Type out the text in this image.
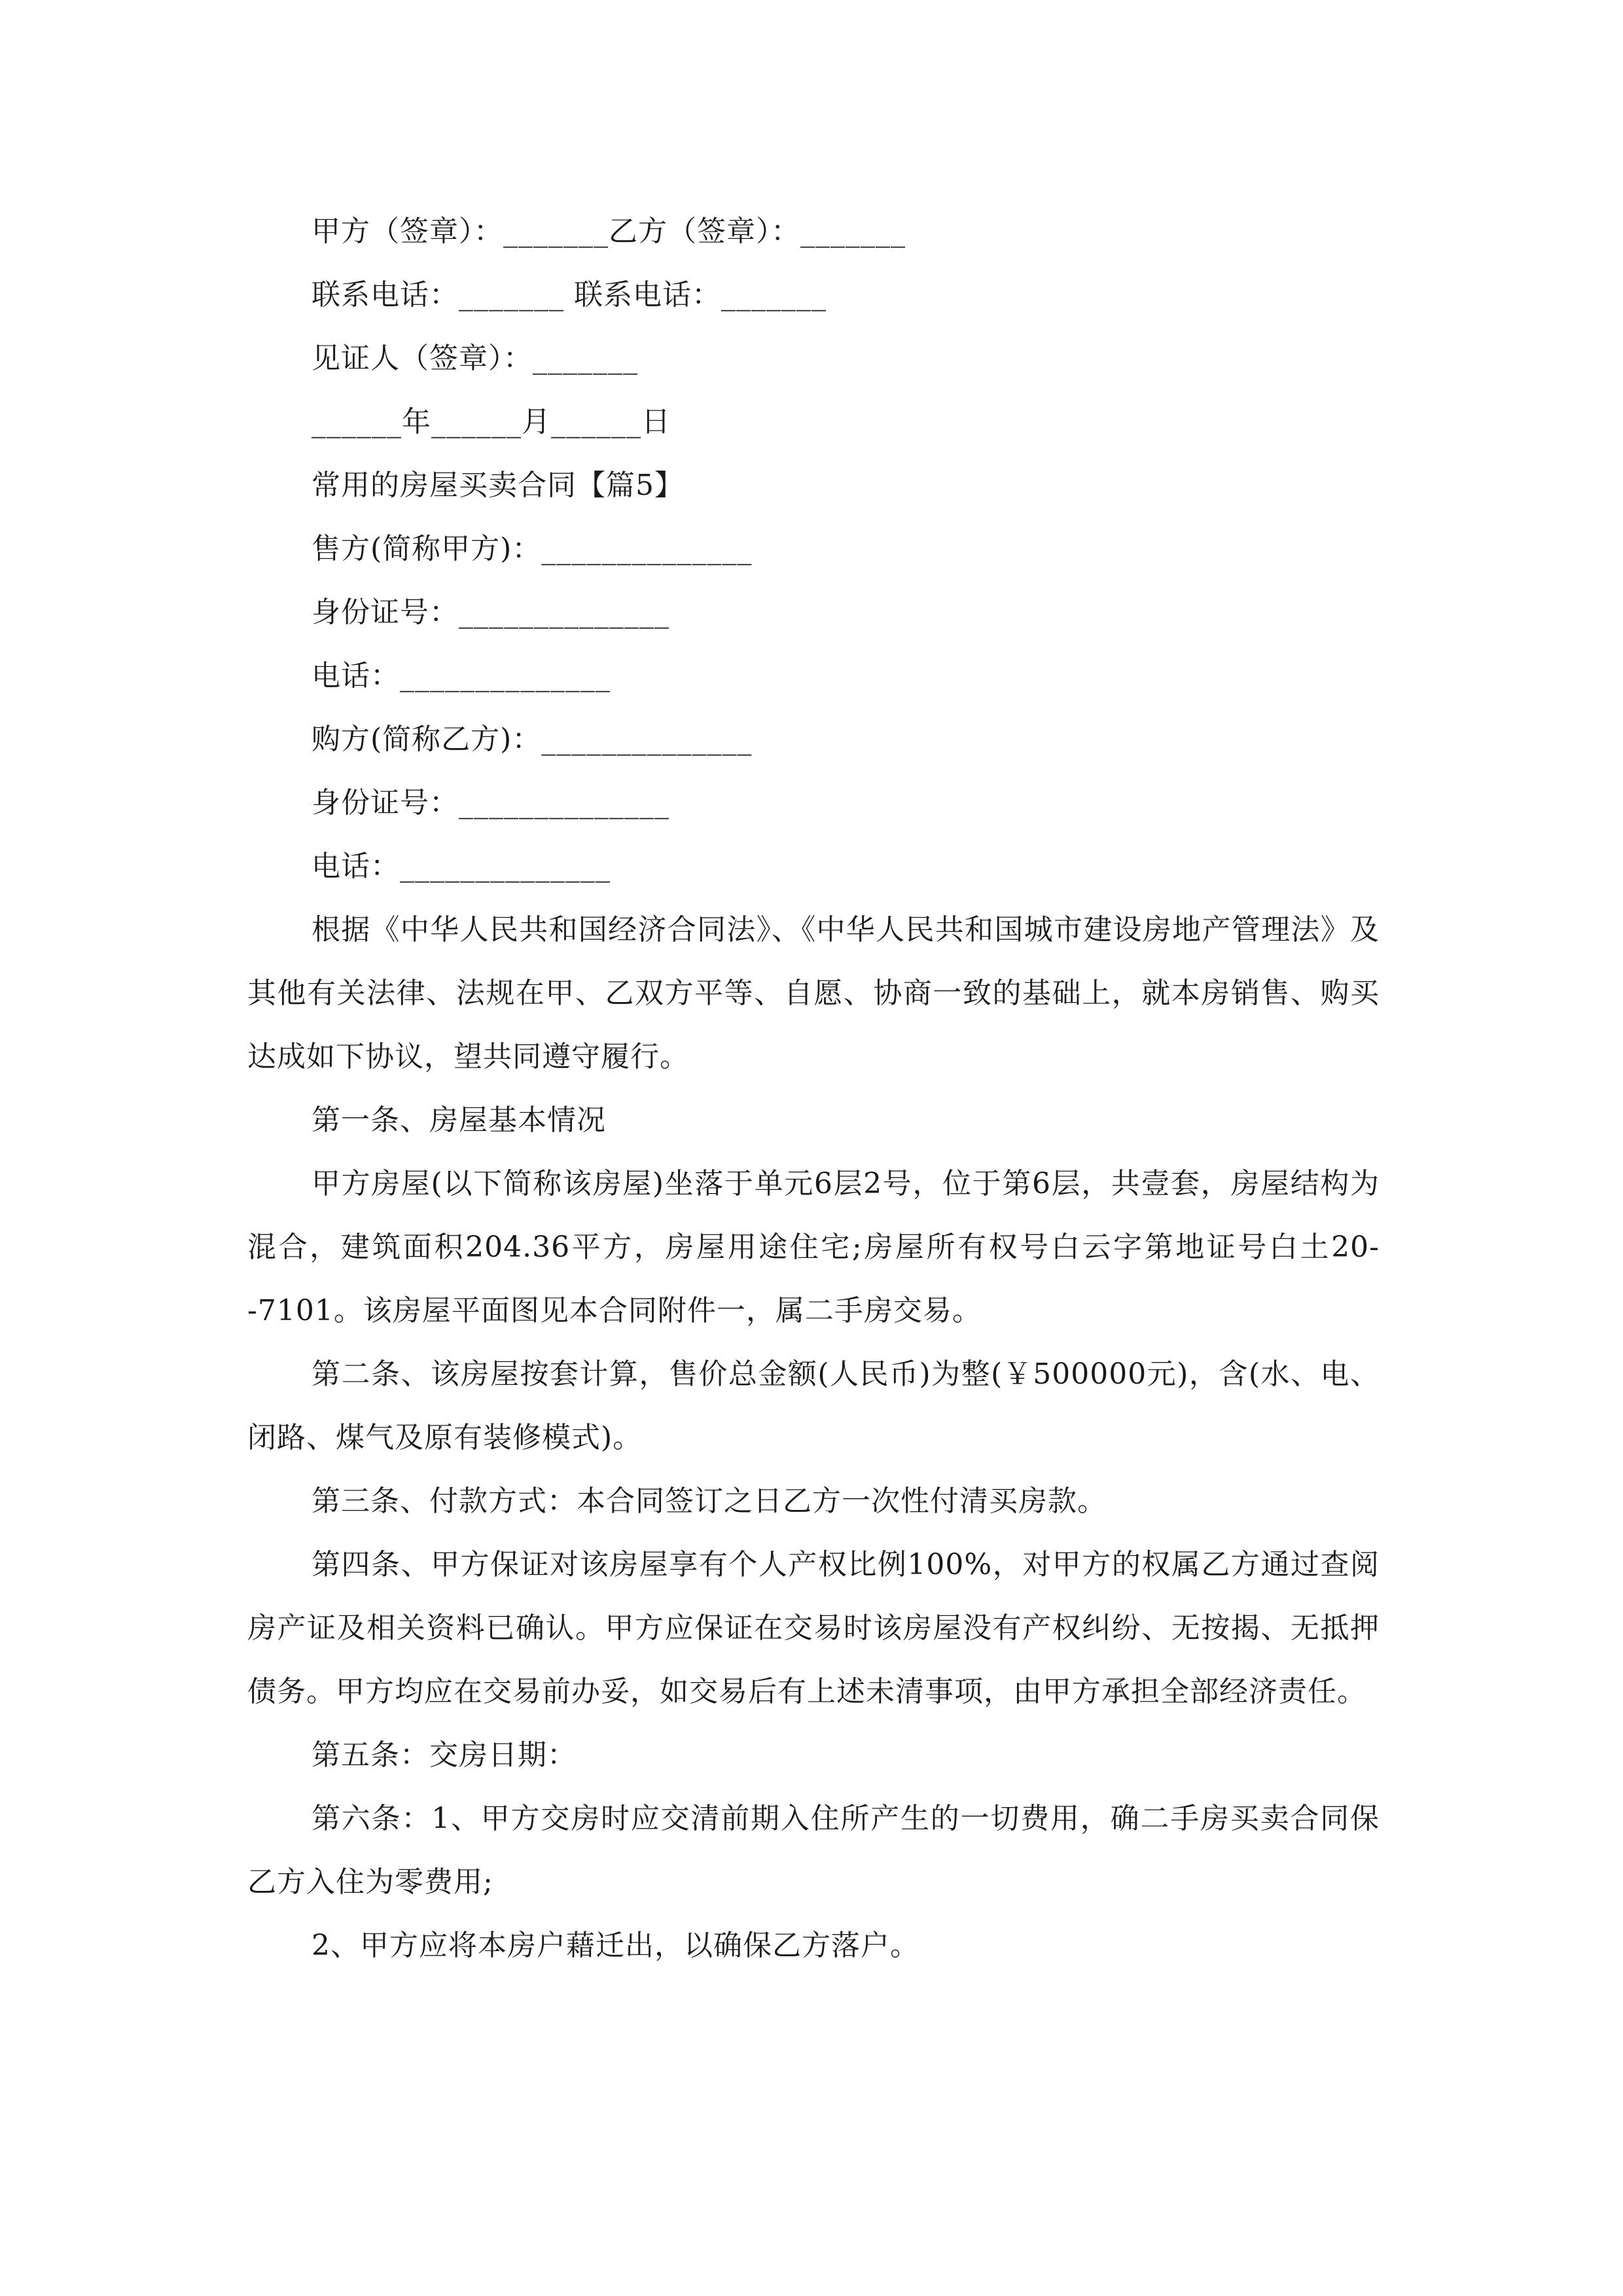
甲方（签章）：_______乙方（签章）：_______
联系电话：_______ 联系电话：_______
见证人（签章）：_______
______年______月______日
常用的房屋买卖合同【篇5】
售方(简称甲方)：______________
身份证号：______________
电话：______________
购方(简称乙方)：______________
身份证号：______________
电话：______________
根据《中华人民共和国经济合同法》、《中华人民共和国城市建设房地产管理法》及其他有关法律、法规在甲、乙双方平等、自愿、协商一致的基础上，就本房销售、购买达成如下协议，望共同遵守履行。
第一条、房屋基本情况
甲方房屋(以下简称该房屋)坐落于单元6层2号，位于第6层，共壹套，房屋结构为混合，建筑面积204.36平方，房屋用途住宅;房屋所有权号白云字第地证号白土20--7101。该房屋平面图见本合同附件一，属二手房交易。
第二条、该房屋按套计算，售价总金额(人民币)为整(￥500000元)，含(水、电、闭路、煤气及原有装修模式)。
第三条、付款方式：本合同签订之日乙方一次性付清买房款。
第四条、甲方保证对该房屋享有个人产权比例100%，对甲方的权属乙方通过查阅房产证及相关资料已确认。甲方应保证在交易时该房屋没有产权纠纷、无按揭、无抵押债务。甲方均应在交易前办妥，如交易后有上述未清事项，由甲方承担全部经济责任。
第五条：交房日期：
第六条：1、甲方交房时应交清前期入住所产生的一切费用，确二手房买卖合同保乙方入住为零费用;
2、甲方应将本房户藉迁出，以确保乙方落户。
